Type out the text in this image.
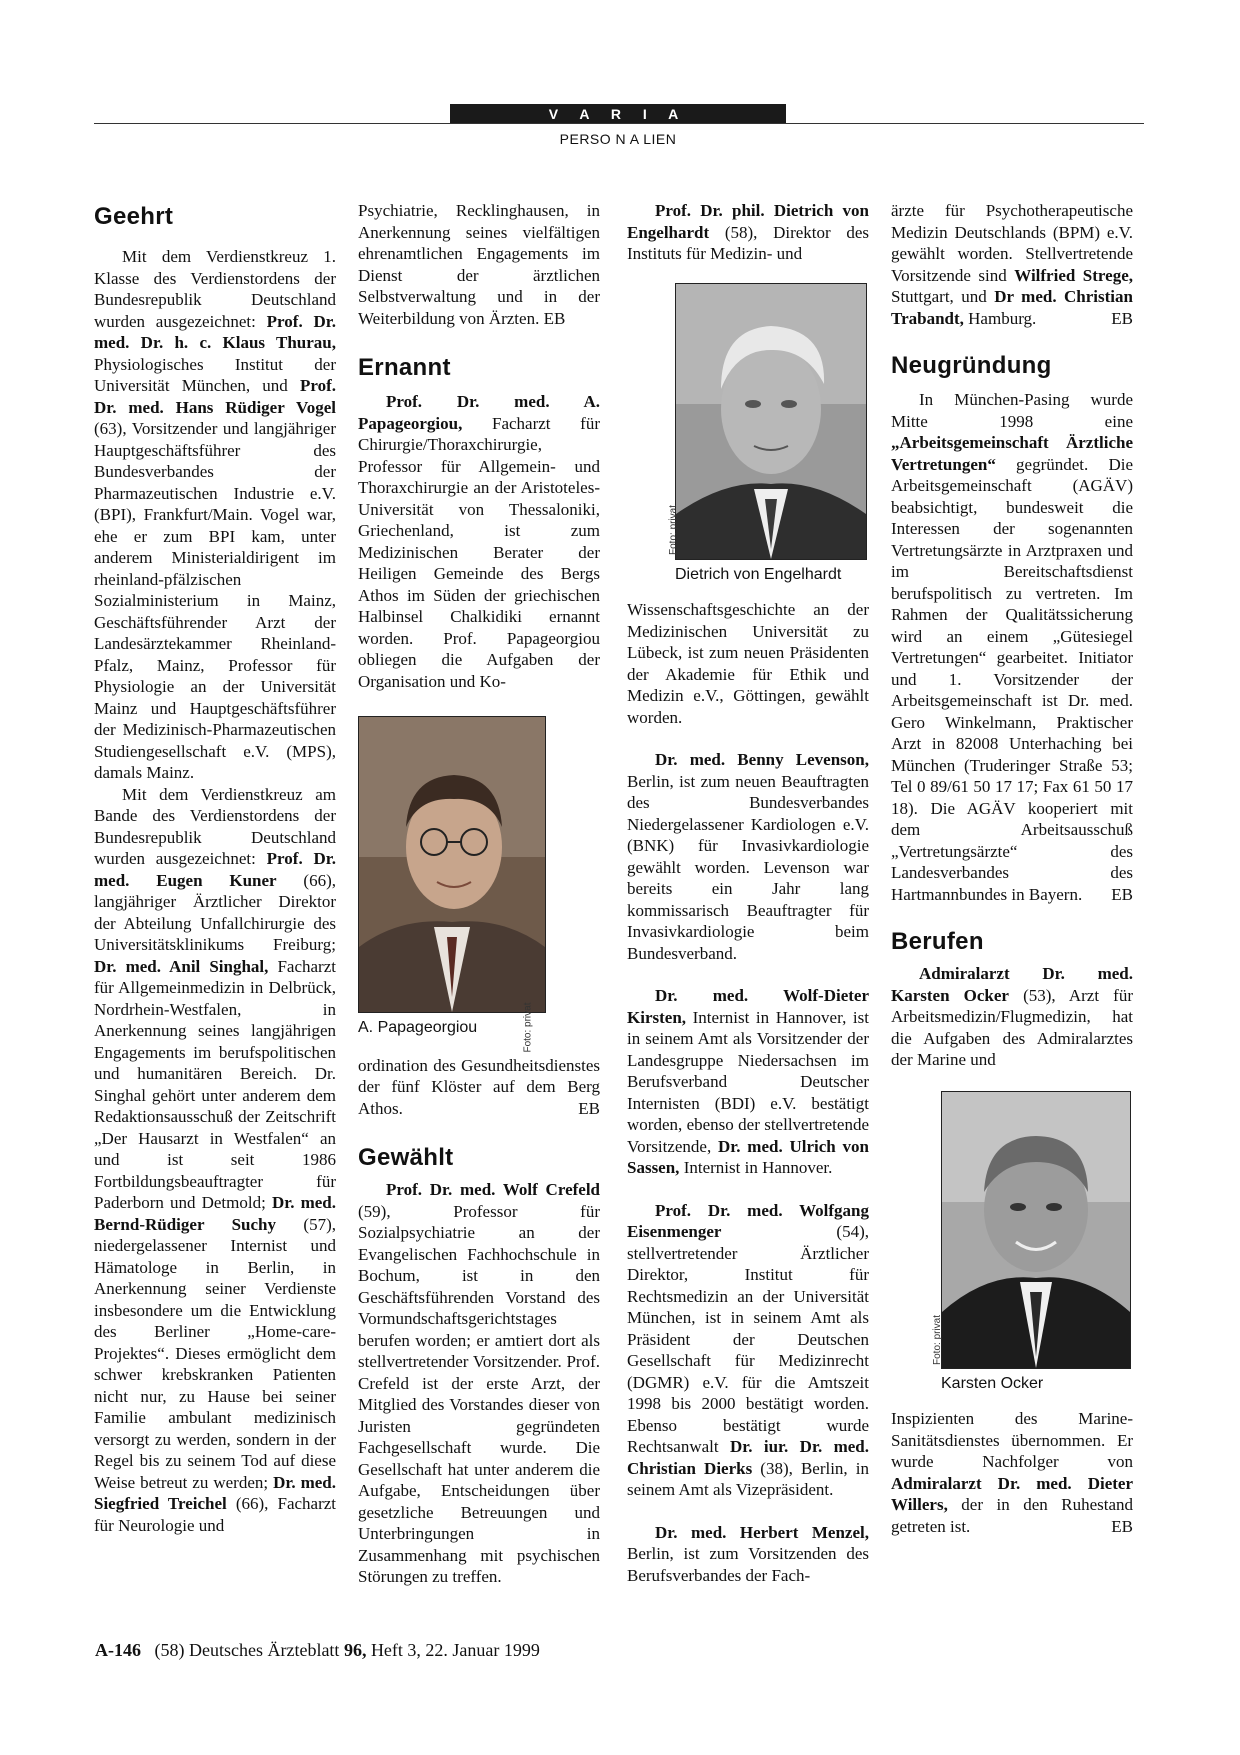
V A R I A
PERSO N A LIEN
Geehrt

Mit dem Verdienstkreuz 1. Klasse des Verdienstordens der Bundesrepublik Deutschland wurden ausgezeichnet: Prof. Dr. med. Dr. h. c. Klaus Thurau, Physiologisches Institut der Universität München, und Prof. Dr. med. Hans Rüdiger Vogel (63), Vorsitzender und langjähriger Hauptgeschäftsführer des Bundesverbandes der Pharmazeutischen Industrie e.V. (BPI), Frankfurt/Main. Vogel war, ehe er zum BPI kam, unter anderem Ministerialdirigent im rheinland-pfälzischen Sozialministerium in Mainz, Geschäftsführender Arzt der Landesärztekammer Rheinland-Pfalz, Mainz, Professor für Physiologie an der Universität Mainz und Hauptgeschäftsführer der Medizinisch-Pharmazeutischen Studiengesellschaft e.V. (MPS), damals Mainz.

Mit dem Verdienstkreuz am Bande des Verdienstordens der Bundesrepublik Deutschland wurden ausgezeichnet: Prof. Dr. med. Eugen Kuner (66), langjähriger Ärztlicher Direktor der Abteilung Unfallchirurgie des Universitätsklinikums Freiburg; Dr. med. Anil Singhal, Facharzt für Allgemeinmedizin in Delbrück, Nordrhein-Westfalen, in Anerkennung seines langjährigen Engagements im berufspolitischen und humanitären Bereich. Dr. Singhal gehört unter anderem dem Redaktionsausschuß der Zeitschrift „Der Hausarzt in Westfalen“ an und ist seit 1986 Fortbildungsbeauftragter für Paderborn und Detmold; Dr. med. Bernd-Rüdiger Suchy (57), niedergelassener Internist und Hämatologe in Berlin, in Anerkennung seiner Verdienste insbesondere um die Entwicklung des Berliner „Home-care-Projektes“. Dieses ermöglicht dem schwer krebskranken Patienten nicht nur, zu Hause bei seiner Familie ambulant medizinisch versorgt zu werden, sondern in der Regel bis zu seinem Tod auf diese Weise betreut zu werden; Dr. med. Siegfried Treichel (66), Facharzt für Neurologie und

Psychiatrie, Recklinghausen, in Anerkennung seines vielfältigen ehrenamtlichen Engagements im Dienst der ärztlichen Selbstverwaltung und in der Weiterbildung von Ärzten. EB

Ernannt

Prof. Dr. med. A. Papageorgiou, Facharzt für Chirurgie/Thoraxchirurgie, Professor für Allgemein- und Thoraxchirurgie an der Aristoteles-Universität von Thessaloniki, Griechenland, ist zum Medizinischen Berater der Heiligen Gemeinde des Bergs Athos im Süden der griechischen Halbinsel Chalkidiki ernannt worden. Prof. Papageorgiou obliegen die Aufgaben der Organisation und Ko-

Foto: privat
A. Papageorgiou

ordination des Gesundheitsdienstes der fünf Klöster auf dem Berg Athos.	EB

Gewählt

Prof. Dr. med. Wolf Crefeld (59), Professor für Sozialpsychiatrie an der Evangelischen Fachhochschule in Bochum, ist in den Geschäftsführenden Vorstand des Vormundschaftsgerichtstages berufen worden; er amtiert dort als stellvertretender Vorsitzender. Prof. Crefeld ist der erste Arzt, der Mitglied des Vorstandes dieser von Juristen gegründeten Fachgesellschaft wurde. Die Gesellschaft hat unter anderem die Aufgabe, Entscheidungen über gesetzliche Betreuungen und Unterbringungen in Zusammenhang mit psychischen Störungen zu treffen.

Prof. Dr. phil. Dietrich von Engelhardt (58), Direktor des Instituts für Medizin- und

Foto: privat
Dietrich von Engelhardt

Wissenschaftsgeschichte an der Medizinischen Universität zu Lübeck, ist zum neuen Präsidenten der Akademie für Ethik und Medizin e.V., Göttingen, gewählt worden.

Dr. med. Benny Levenson, Berlin, ist zum neuen Beauftragten des Bundesverbandes Niedergelassener Kardiologen e.V. (BNK) für Invasivkardiologie gewählt worden. Levenson war bereits ein Jahr lang kommissarisch Beauftragter für Invasivkardiologie beim Bundesverband.

Dr. med. Wolf-Dieter Kirsten, Internist in Hannover, ist in seinem Amt als Vorsitzender der Landesgruppe Niedersachsen im Berufsverband Deutscher Internisten (BDI) e.V. bestätigt worden, ebenso der stellvertretende Vorsitzende, Dr. med. Ulrich von Sassen, Internist in Hannover.

Prof. Dr. med. Wolfgang Eisenmenger (54), stellvertretender Ärztlicher Direktor, Institut für Rechtsmedizin an der Universität München, ist in seinem Amt als Präsident der Deutschen Gesellschaft für Medizinrecht (DGMR) e.V. für die Amtszeit 1998 bis 2000 bestätigt worden. Ebenso bestätigt wurde Rechtsanwalt Dr. iur. Dr. med. Christian Dierks (38), Berlin, in seinem Amt als Vizepräsident.

Dr. med. Herbert Menzel, Berlin, ist zum Vorsitzenden des Berufsverbandes der Fach-

ärzte für Psychotherapeutische Medizin Deutschlands (BPM) e.V. gewählt worden. Stellvertretende Vorsitzende sind Wilfried Strege, Stuttgart, und Dr med. Christian Trabandt, Hamburg.	EB

Neugründung

In München-Pasing wurde Mitte 1998 eine „Arbeitsgemeinschaft Ärztliche Vertretungen“ gegründet. Die Arbeitsgemeinschaft (AGÄV) beabsichtigt, bundesweit die Interessen der sogenannten Vertretungsärzte in Arztpraxen und im Bereitschaftsdienst berufspolitisch zu vertreten. Im Rahmen der Qualitätssicherung wird an einem „Gütesiegel Vertretungen“ gearbeitet. Initiator und 1. Vorsitzender der Arbeitsgemeinschaft ist Dr. med. Gero Winkelmann, Praktischer Arzt in 82008 Unterhaching bei München (Truderinger Straße 53; Tel 0 89/61 50 17 17; Fax 61 50 17 18). Die AGÄV kooperiert mit dem Arbeitsausschuß „Vertretungsärzte“ des Landesverbandes des Hartmannbundes in Bayern.	EB

Berufen

Admiralarzt Dr. med. Karsten Ocker (53), Arzt für Arbeitsmedizin/Flugmedizin, hat die Aufgaben des Admiralarztes der Marine und

Foto: privat
Karsten Ocker

Inspizienten des Marine-Sanitätsdienstes übernommen. Er wurde Nachfolger von Admiralarzt Dr. med. Dieter Willers, der in den Ruhestand getreten ist.	EB

A-146 (58) Deutsches Ärzteblatt 96, Heft 3, 22. Januar 1999
